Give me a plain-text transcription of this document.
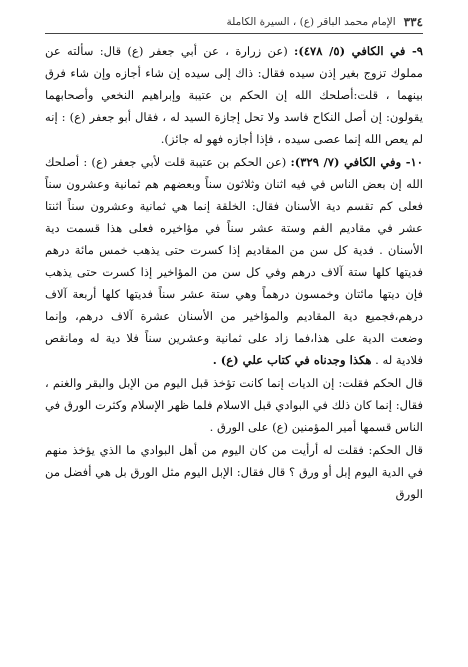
٣٣٤
الإمام محمد الباقر (ع) ، السيرة الكاملة

٩- في الكافي (٥/ ٤٧٨): (عن زرارة ، عن أبي جعفر (ع) قال: سألته عن مملوك تزوج بغير إذن سيده فقال: ذاك إلى سيده إن شاء أجازه وإن شاء فرق بينهما ، قلت:أصلحك الله إن الحكم بن عتيبة وإبراهيم النخعي وأصحابهما يقولون: إن أصل النكاح فاسد ولا تحل إجازة السيد له ، فقال أبو جعفر (ع) : إنه لم يعص الله إنما عصى سيده ، فإذا أجازه فهو له جائز).

١٠- وفي الكافي (٧/ ٣٢٩): (عن الحكم بن عتيبة قلت لأبي جعفر (ع) : أصلحك الله إن بعض الناس في فيه اثنان وثلاثون سناً وبعضهم هم ثمانية وعشرون سناً فعلى كم تقسم دية الأسنان فقال: الخلقة إنما هي ثمانية وعشرون سناً اثنتا عشر في مقاديم الفم وستة عشر سناً في مؤاخيره فعلى هذا قسمت دية الأسنان . فدية كل سن من المقاديم إذا كسرت حتى يذهب خمس مائة درهم فديتها كلها ستة آلاف درهم وفي كل سن من المؤاخير إذا كسرت حتى يذهب فإن ديتها مائتان وخمسون درهماً وهي ستة عشر سناً فديتها كلها أربعة آلاف درهم،فجميع دية المقاديم والمؤاخير من الأسنان عشرة آلاف درهم، وإنما وضعت الدية على هذا،فما زاد على ثمانية وعشرين سناً فلا دية له ومانقص فلادية له . هكذا وجدناه في كتاب علي (ع) .

قال الحكم فقلت: إن الديات إنما كانت تؤخذ قبل اليوم من الإبل والبقر والغنم ، فقال: إنما كان ذلك في البوادي قبل الاسلام فلما ظهر الإسلام وكثرت الورق في الناس قسمها أمير المؤمنين (ع) على الورق .

قال الحكم: فقلت له أرأيت من كان اليوم من أهل البوادي ما الذي يؤخذ منهم في الدية اليوم إبل أو ورق ؟ قال فقال: الإبل اليوم مثل الورق بل هي أفضل من الورق
